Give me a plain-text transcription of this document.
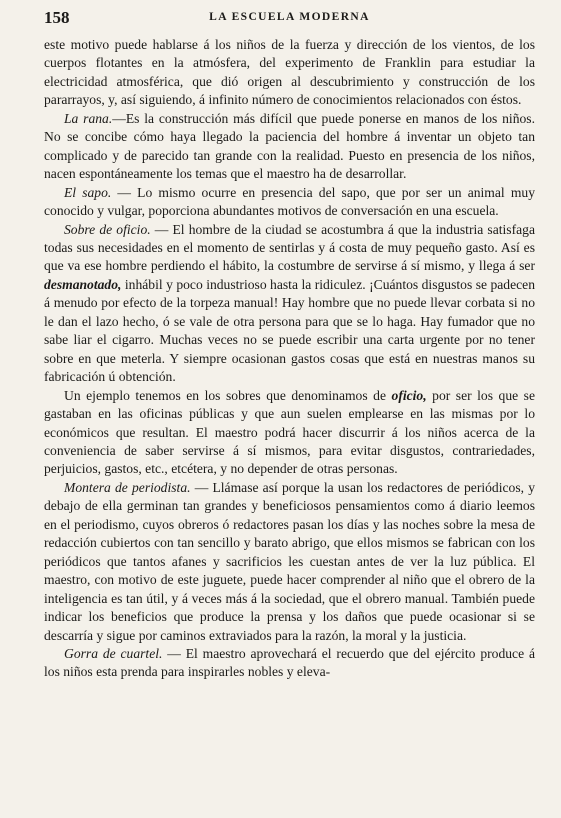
158	LA ESCUELA MODERNA

este motivo puede hablarse á los niños de la fuerza y dirección de los vientos, de los cuerpos flotantes en la atmósfera, del experimento de Franklin para estudiar la electricidad atmosférica, que dió origen al descubrimiento y construcción de los pararrayos, y, así siguiendo, á infinito número de conocimientos relacionados con éstos.

La rana.—Es la construcción más difícil que puede ponerse en manos de los niños. No se concibe cómo haya llegado la paciencia del hombre á inventar un objeto tan complicado y de parecido tan grande con la realidad. Puesto en presencia de los niños, nacen espontáneamente los temas que el maestro ha de desarrollar.

El sapo. — Lo mismo ocurre en presencia del sapo, que por ser un animal muy conocido y vulgar, poporciona abundantes motivos de conversación en una escuela.

Sobre de oficio. — El hombre de la ciudad se acostumbra á que la industria satisfaga todas sus necesidades en el momento de sentirlas y á costa de muy pequeño gasto. Así es que va ese hombre perdiendo el hábito, la costumbre de servirse á sí mismo, y llega á ser desmanotado, inhábil y poco industrioso hasta la ridiculez. ¡Cuántos disgustos se padecen á menudo por efecto de la torpeza manual! Hay hombre que no puede llevar corbata si no le dan el lazo hecho, ó se vale de otra persona para que se lo haga. Hay fumador que no sabe liar el cigarro. Muchas veces no se puede escribir una carta urgente por no tener sobre en que meterla. Y siempre ocasionan gastos cosas que está en nuestras manos su fabricación ú obtención.

Un ejemplo tenemos en los sobres que denominamos de oficio, por ser los que se gastaban en las oficinas públicas y que aun suelen emplearse en las mismas por lo económicos que resultan. El maestro podrá hacer discurrir á los niños acerca de la conveniencia de saber servirse á sí mismos, para evitar disgustos, contrariedades, perjuicios, gastos, etc., etcétera, y no depender de otras personas.

Montera de periodista. — Llámase así porque la usan los redactores de periódicos, y debajo de ella germinan tan grandes y beneficiosos pensamientos como á diario leemos en el periodismo, cuyos obreros ó redactores pasan los días y las noches sobre la mesa de redacción cubiertos con tan sencillo y barato abrigo, que ellos mismos se fabrican con los periódicos que tantos afanes y sacrificios les cuestan antes de ver la luz pública. El maestro, con motivo de este juguete, puede hacer comprender al niño que el obrero de la inteligencia es tan útil, y á veces más á la sociedad, que el obrero manual. También puede indicar los beneficios que produce la prensa y los daños que puede ocasionar si se descarría y sigue por caminos extraviados para la razón, la moral y la justicia.

Gorra de cuartel. — El maestro aprovechará el recuerdo que del ejército produce á los niños esta prenda para inspirarles nobles y eleva-
